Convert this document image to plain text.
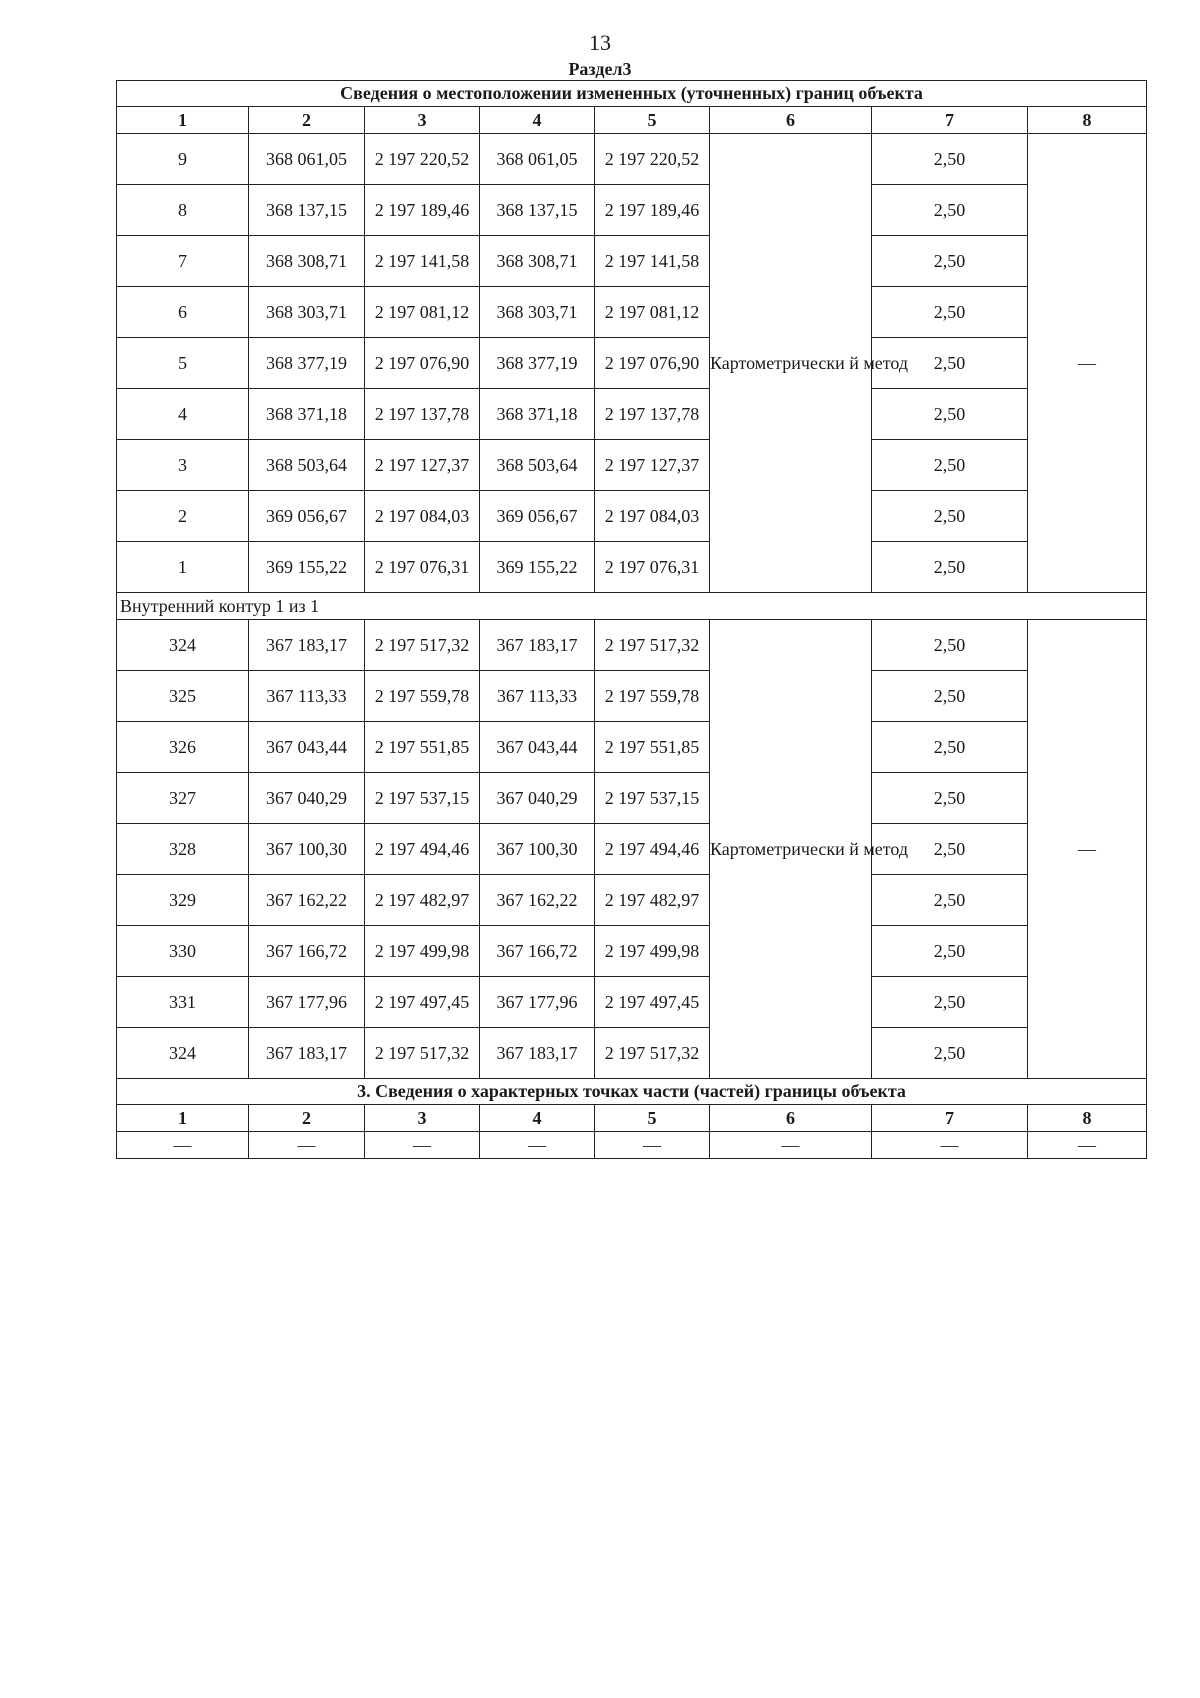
13
Раздел3
Сведения о местоположении измененных (уточненных) границ объекта							
1	2	3	4	5	6	7	8
9	368 061,05	2 197 220,52	368 061,05	2 197 220,52	Картометрически й метод	2,50	—
8	368 137,15	2 197 189,46	368 137,15	2 197 189,46		2,50	
7	368 308,71	2 197 141,58	368 308,71	2 197 141,58		2,50	
6	368 303,71	2 197 081,12	368 303,71	2 197 081,12		2,50	
5	368 377,19	2 197 076,90	368 377,19	2 197 076,90		2,50	
4	368 371,18	2 197 137,78	368 371,18	2 197 137,78		2,50	
3	368 503,64	2 197 127,37	368 503,64	2 197 127,37		2,50	
2	369 056,67	2 197 084,03	369 056,67	2 197 084,03		2,50	
1	369 155,22	2 197 076,31	369 155,22	2 197 076,31		2,50	
Внутренний контур 1 из 1							
324	367 183,17	2 197 517,32	367 183,17	2 197 517,32	Картометрически й метод	2,50	—
325	367 113,33	2 197 559,78	367 113,33	2 197 559,78		2,50	
326	367 043,44	2 197 551,85	367 043,44	2 197 551,85		2,50	
327	367 040,29	2 197 537,15	367 040,29	2 197 537,15		2,50	
328	367 100,30	2 197 494,46	367 100,30	2 197 494,46		2,50	
329	367 162,22	2 197 482,97	367 162,22	2 197 482,97		2,50	
330	367 166,72	2 197 499,98	367 166,72	2 197 499,98		2,50	
331	367 177,96	2 197 497,45	367 177,96	2 197 497,45		2,50	
324	367 183,17	2 197 517,32	367 183,17	2 197 517,32		2,50	
3. Сведения о характерных точках части (частей) границы объекта							
1	2	3	4	5	6	7	8
—	—	—	—	—	—	—	—
